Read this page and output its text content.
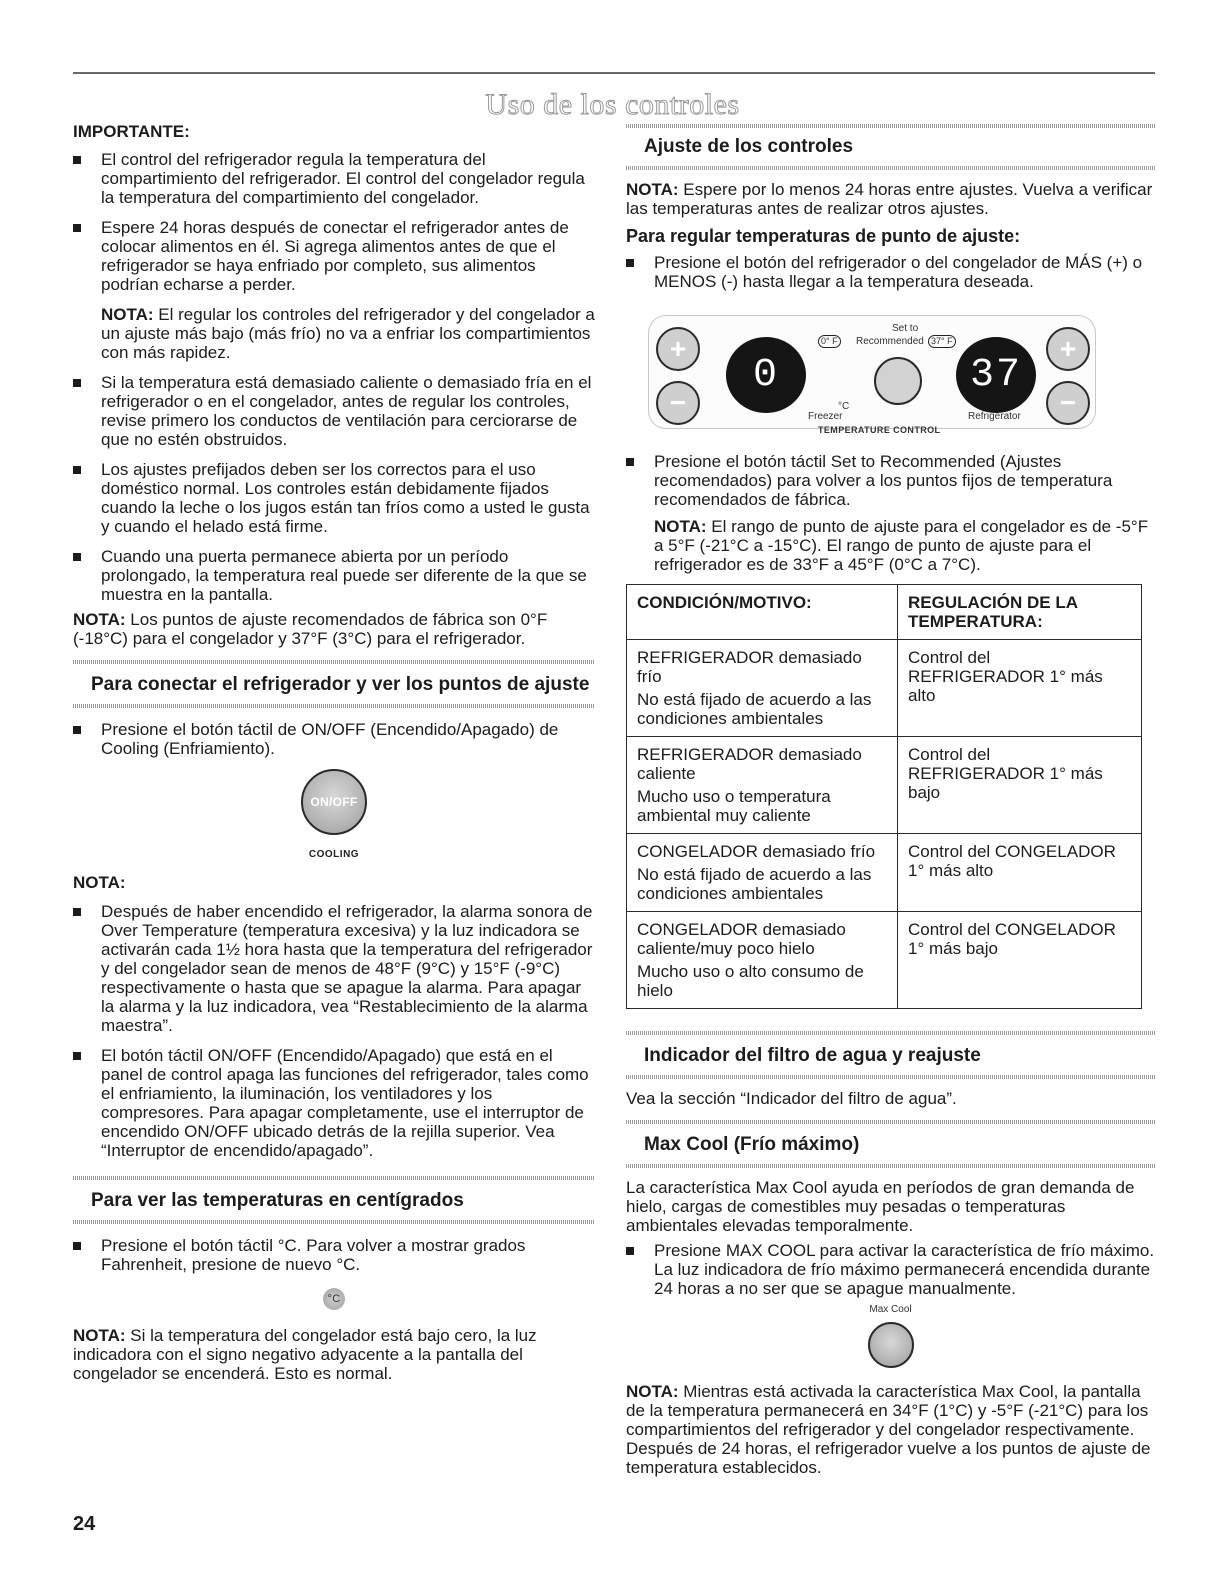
Uso de los controles
IMPORTANTE:
El control del refrigerador regula la temperatura del compartimiento del refrigerador. El control del congelador regula la temperatura del compartimiento del congelador.
Espere 24 horas después de conectar el refrigerador antes de colocar alimentos en él. Si agrega alimentos antes de que el refrigerador se haya enfriado por completo, sus alimentos podrían echarse a perder.

NOTA: El regular los controles del refrigerador y del congelador a un ajuste más bajo (más frío) no va a enfriar los compartimientos con más rapidez.

Si la temperatura está demasiado caliente o demasiado fría en el refrigerador o en el congelador, antes de regular los controles, revise primero los conductos de ventilación para cerciorarse de que no estén obstruidos.
Los ajustes prefijados deben ser los correctos para el uso doméstico normal. Los controles están debidamente fijados cuando la leche o los jugos están tan fríos como a usted le gusta y cuando el helado está firme.
Cuando una puerta permanece abierta por un período prolongado, la temperatura real puede ser diferente de la que se muestra en la pantalla.

NOTA: Los puntos de ajuste recomendados de fábrica son 0°F (-18°C) para el congelador y 37°F (3°C) para el refrigerador.

Para conectar el refrigerador y ver los puntos de ajuste
Presione el botón táctil de ON/OFF (Encendido/Apagado) de Cooling (Enfriamiento).
ON/OFF
COOLING
NOTA:
Después de haber encendido el refrigerador, la alarma sonora de Over Temperature (temperatura excesiva) y la luz indicadora se activarán cada 1½ hora hasta que la temperatura del refrigerador y del congelador sean de menos de 48°F (9°C) y 15°F (-9°C) respectivamente o hasta que se apague la alarma. Para apagar la alarma y la luz indicadora, vea “Restablecimiento de la alarma maestra”.
El botón táctil ON/OFF (Encendido/Apagado) que está en el panel de control apaga las funciones del refrigerador, tales como el enfriamiento, la iluminación, los ventiladores y los compresores. Para apagar completamente, use el interruptor de encendido ON/OFF ubicado detrás de la rejilla superior. Vea “Interruptor de encendido/apagado”.
Para ver las temperaturas en centígrados
Presione el botón táctil °C. Para volver a mostrar grados Fahrenheit, presione de nuevo °C.
°C

NOTA: Si la temperatura del congelador está bajo cero, la luz indicadora con el signo negativo adyacente a la pantalla del congelador se encenderá. Esto es normal.

Ajuste de los controles

NOTA: Espere por lo menos 24 horas entre ajustes. Vuelva a verificar las temperaturas antes de realizar otros ajustes.

Para regular temperaturas de punto de ajuste:
Presione el botón del refrigerador o del congelador de MÁS (+) o MENOS (-) hasta llegar a la temperatura deseada.
+
−
0
Freezer
0° F
Set to
Recommended 37° F
°C
37
Refrigerator
+
−
TEMPERATURE CONTROL
Presione el botón táctil Set to Recommended (Ajustes recomendados) para volver a los puntos fijos de temperatura recomendados de fábrica.

NOTA: El rango de punto de ajuste para el congelador es de -5°F a 5°F (-21°C a -15°C). El rango de punto de ajuste para el refrigerador es de 33°F a 45°F (0°C a 7°C).

CONDICIÓN/MOTIVO:	REGULACIÓN DE LA TEMPERATURA:

REFRIGERADOR demasiado frío

No está fijado de acuerdo a las condiciones ambientales	Control del REFRIGERADOR 1° más alto

REFRIGERADOR demasiado caliente

Mucho uso o temperatura ambiental muy caliente	Control del REFRIGERADOR 1° más bajo

CONGELADOR demasiado frío

No está fijado de acuerdo a las condiciones ambientales	Control del CONGELADOR 1° más alto

CONGELADOR demasiado caliente/muy poco hielo

Mucho uso o alto consumo de hielo	Control del CONGELADOR 1° más bajo
Indicador del filtro de agua y reajuste

Vea la sección “Indicador del filtro de agua”.

Max Cool (Frío máximo)

La característica Max Cool ayuda en períodos de gran demanda de hielo, cargas de comestibles muy pesadas o temperaturas ambientales elevadas temporalmente.

Presione MAX COOL para activar la característica de frío máximo. La luz indicadora de frío máximo permanecerá encendida durante 24 horas a no ser que se apague manualmente.
Max Cool

NOTA: Mientras está activada la característica Max Cool, la pantalla de la temperatura permanecerá en 34°F (1°C) y -5°F (-21°C) para los compartimientos del refrigerador y del congelador respectivamente. Después de 24 horas, el refrigerador vuelve a los puntos de ajuste de temperatura establecidos.

24
